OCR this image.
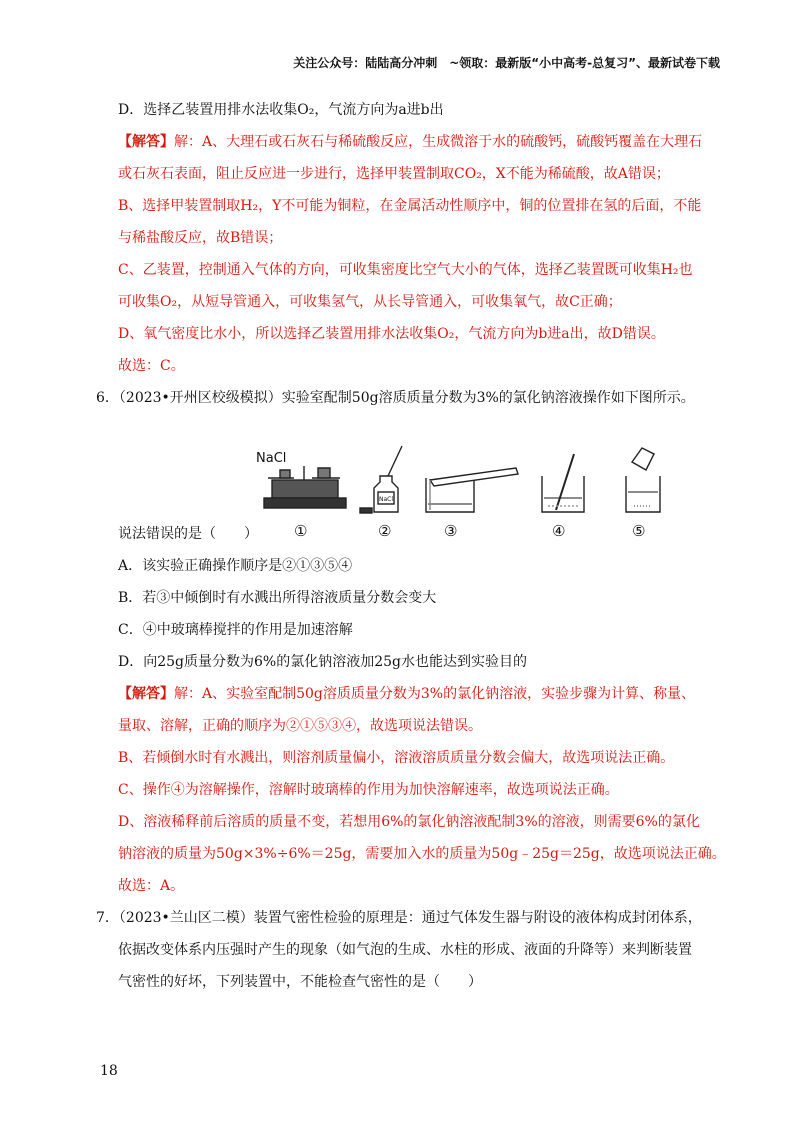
关注公众号：陆陆高分冲刺　~领取：最新版“小中高考-总复习”、最新试卷下载
D．选择乙装置用排水法收集O₂，气流方向为a进b出
【解答】解：A、大理石或石灰石与稀硫酸反应，生成微溶于水的硫酸钙，硫酸钙覆盖在大理石
或石灰石表面，阻止反应进一步进行，选择甲装置制取CO₂，X不能为稀硫酸，故A错误；
B、选择甲装置制取H₂，Y不可能为铜粒，在金属活动性顺序中，铜的位置排在氢的后面，不能
与稀盐酸反应，故B错误；
C、乙装置，控制通入气体的方向，可收集密度比空气大小的气体，选择乙装置既可收集H₂也
可收集O₂，从短导管通入，可收集氢气，从长导管通入，可收集氧气，故C正确；
D、氧气密度比水小，所以选择乙装置用排水法收集O₂，气流方向为b进a出，故D错误。
故选：C。
6．（2023•开州区校级模拟）实验室配制50g溶质质量分数为3%的氯化钠溶液操作如下图所示。
NaCl
NaCl
①	②	③	④	⑤
说法错误的是（　　）
A．该实验正确操作顺序是②①③⑤④
B．若③中倾倒时有水溅出所得溶液质量分数会变大
C．④中玻璃棒搅拌的作用是加速溶解
D．向25g质量分数为6%的氯化钠溶液加25g水也能达到实验目的
【解答】解：A、实验室配制50g溶质质量分数为3%的氯化钠溶液，实验步骤为计算、称量、
量取、溶解，正确的顺序为②①⑤③④，故选项说法错误。
B、若倾倒水时有水溅出，则溶剂质量偏小，溶液溶质质量分数会偏大，故选项说法正确。
C、操作④为溶解操作，溶解时玻璃棒的作用为加快溶解速率，故选项说法正确。
D、溶液稀释前后溶质的质量不变，若想用6%的氯化钠溶液配制3%的溶液，则需要6%的氯化
钠溶液的质量为50g×3%÷6%＝25g，需要加入水的质量为50g﹣25g＝25g，故选项说法正确。
故选：A。
7．（2023•兰山区二模）装置气密性检验的原理是：通过气体发生器与附设的液体构成封闭体系，
依据改变体系内压强时产生的现象（如气泡的生成、水柱的形成、液面的升降等）来判断装置
气密性的好坏，下列装置中，不能检查气密性的是（　　）
18
